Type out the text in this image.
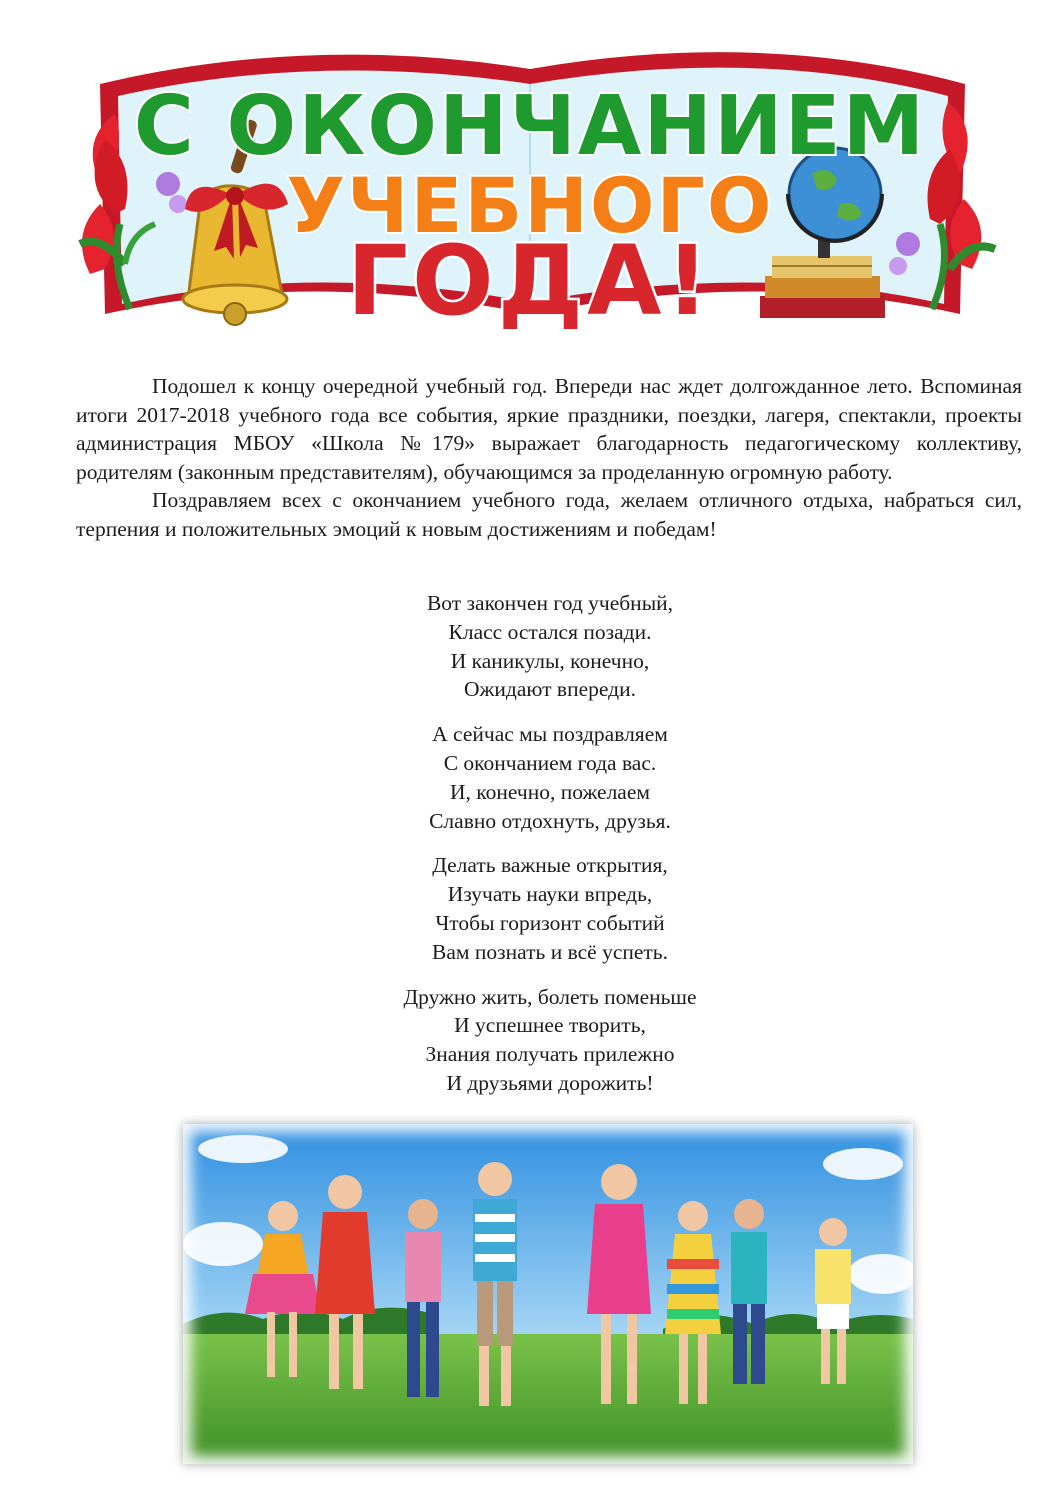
С ОКОНЧАНИЕМ
УЧЕБНОГО
ГОДА!

Подошел к концу очередной учебный год. Впереди нас ждет долгожданное лето. Вспоминая итоги 2017-2018 учебного года все события, яркие праздники, поездки, лагеря, спектакли, проекты администрация МБОУ «Школа №179» выражает благодарность педагогическому коллективу, родителям (законным представителям), обучающимся за проделанную огромную работу.

Поздравляем всех с окончанием учебного года, желаем отличного отдыха, набраться сил, терпения и положительных эмоций к новым достижениям и победам!

Вот закончен год учебный,
Класс остался позади.
И каникулы, конечно,
Ожидают впереди.
А сейчас мы поздравляем
С окончанием года вас.
И, конечно, пожелаем
Славно отдохнуть, друзья.
Делать важные открытия,
Изучать науки впредь,
Чтобы горизонт событий
Вам познать и всё успеть.
Дружно жить, болеть поменьше
И успешнее творить,
Знания получать прилежно
И друзьями дорожить!
